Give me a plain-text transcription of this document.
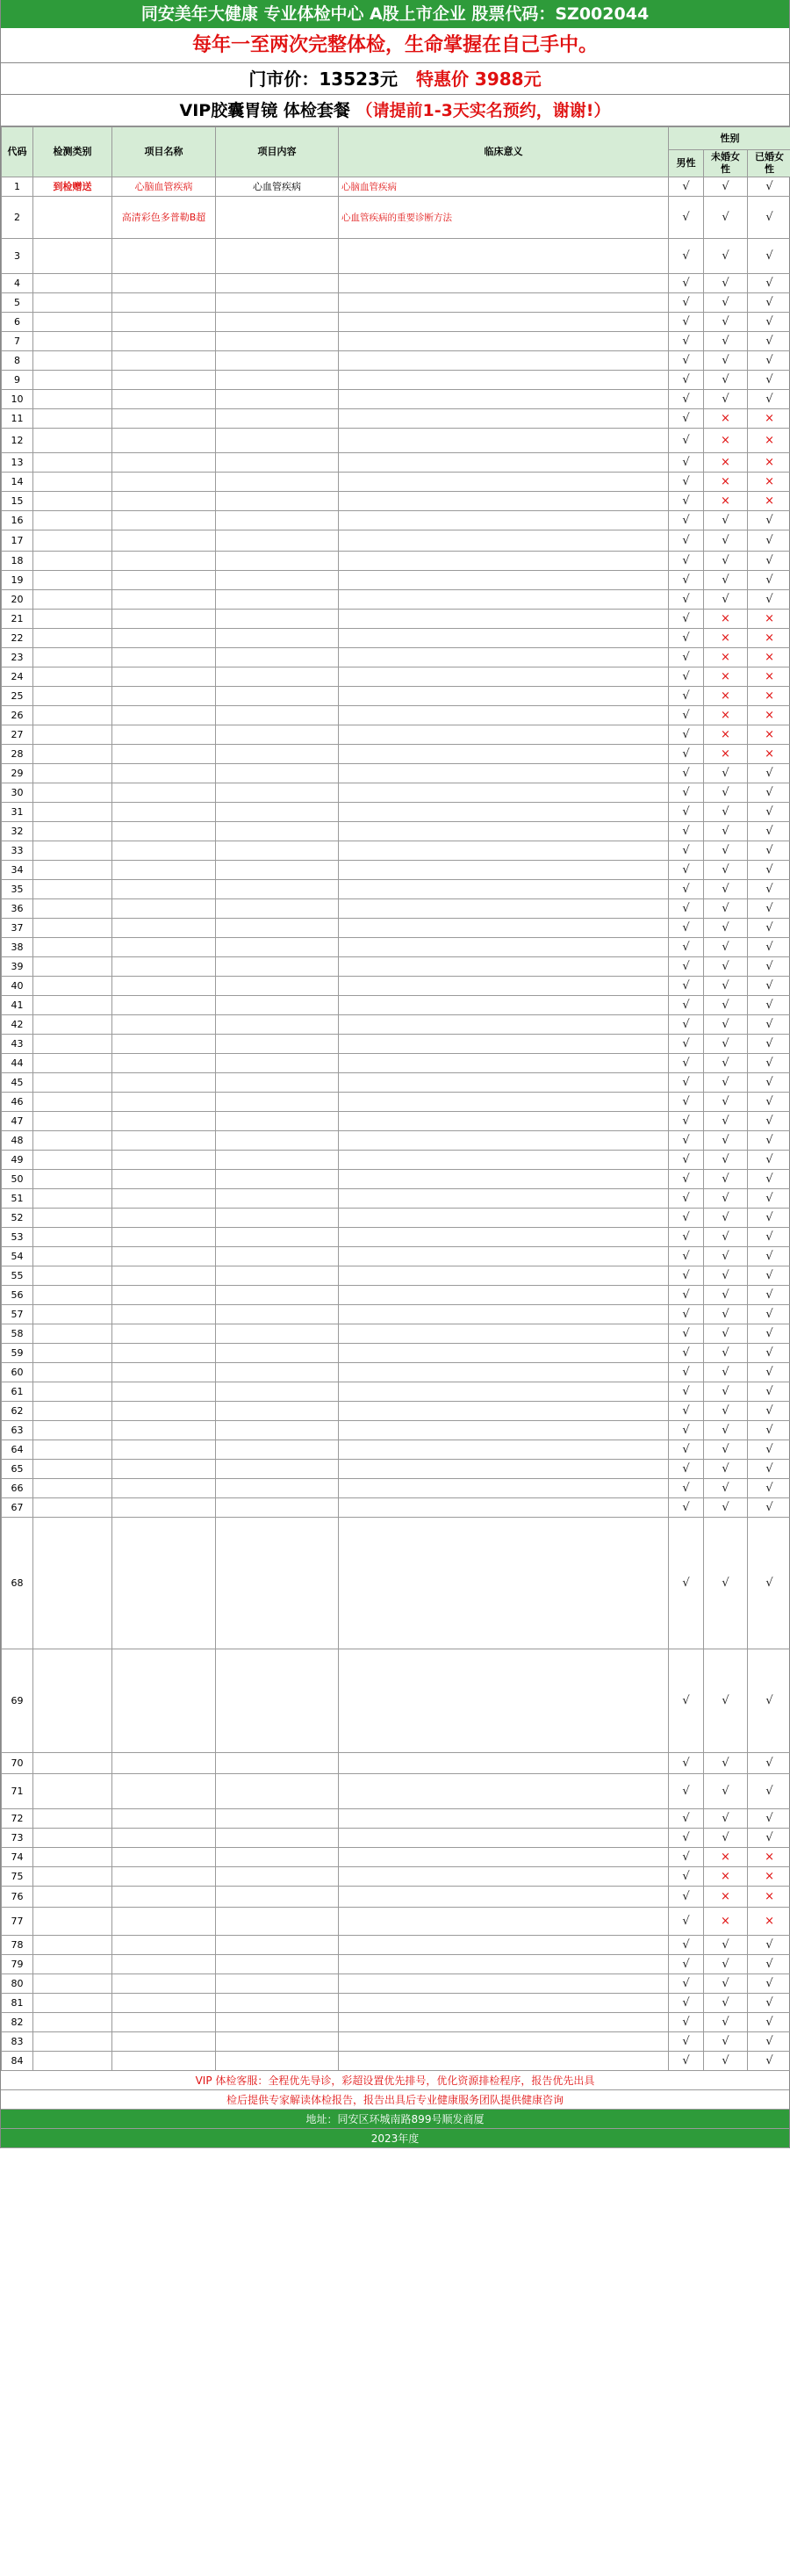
同安美年大健康 专业体检中心 A股上市企业 股票代码：SZ002044
每年一至两次完整体检，生命掌握在自己手中。
门市价：13523元 特惠价 3988元
VIP胶囊胃镜 体检套餐 （请提前1-3天实名预约，谢谢!）
代码	检测类别	项目名称	项目内容	临床意义	性别		
					男性	未婚女性	已婚女性
1	到检赠送	心脑血管疾病	心血管疾病	心脑血管疾病	√	√	√
2		高清彩色多普勒B超		心血管疾病的重要诊断方法	√	√	√
3					√	√	√
4					√	√	√
5					√	√	√
6					√	√	√
7					√	√	√
8					√	√	√
9					√	√	√
10					√	√	√
11					√	×	×
12					√	×	×
13					√	×	×
14					√	×	×
15					√	×	×
16					√	√	√
17					√	√	√
18					√	√	√
19					√	√	√
20					√	√	√
21					√	×	×
22					√	×	×
23					√	×	×
24					√	×	×
25					√	×	×
26					√	×	×
27					√	×	×
28					√	×	×
29					√	√	√
30					√	√	√
31					√	√	√
32					√	√	√
33					√	√	√
34					√	√	√
35					√	√	√
36					√	√	√
37					√	√	√
38					√	√	√
39					√	√	√
40					√	√	√
41					√	√	√
42					√	√	√
43					√	√	√
44					√	√	√
45					√	√	√
46					√	√	√
47					√	√	√
48					√	√	√
49					√	√	√
50					√	√	√
51					√	√	√
52					√	√	√
53					√	√	√
54					√	√	√
55					√	√	√
56					√	√	√
57					√	√	√
58					√	√	√
59					√	√	√
60					√	√	√
61					√	√	√
62					√	√	√
63					√	√	√
64					√	√	√
65					√	√	√
66					√	√	√
67					√	√	√
68					√	√	√
69					√	√	√
70					√	√	√
71					√	√	√
72					√	√	√
73					√	√	√
74					√	×	×
75					√	×	×
76					√	×	×
77					√	×	×
78					√	√	√
79					√	√	√
80					√	√	√
81					√	√	√
82					√	√	√
83					√	√	√
84					√	√	√
VIP 体检客服：全程优先导诊，彩超设置优先排号，优化资源排检程序，报告优先出具
检后提供专家解读体检报告，报告出具后专业健康服务团队提供健康咨询
地址：同安区环城南路899号顺发商厦
2023年度
